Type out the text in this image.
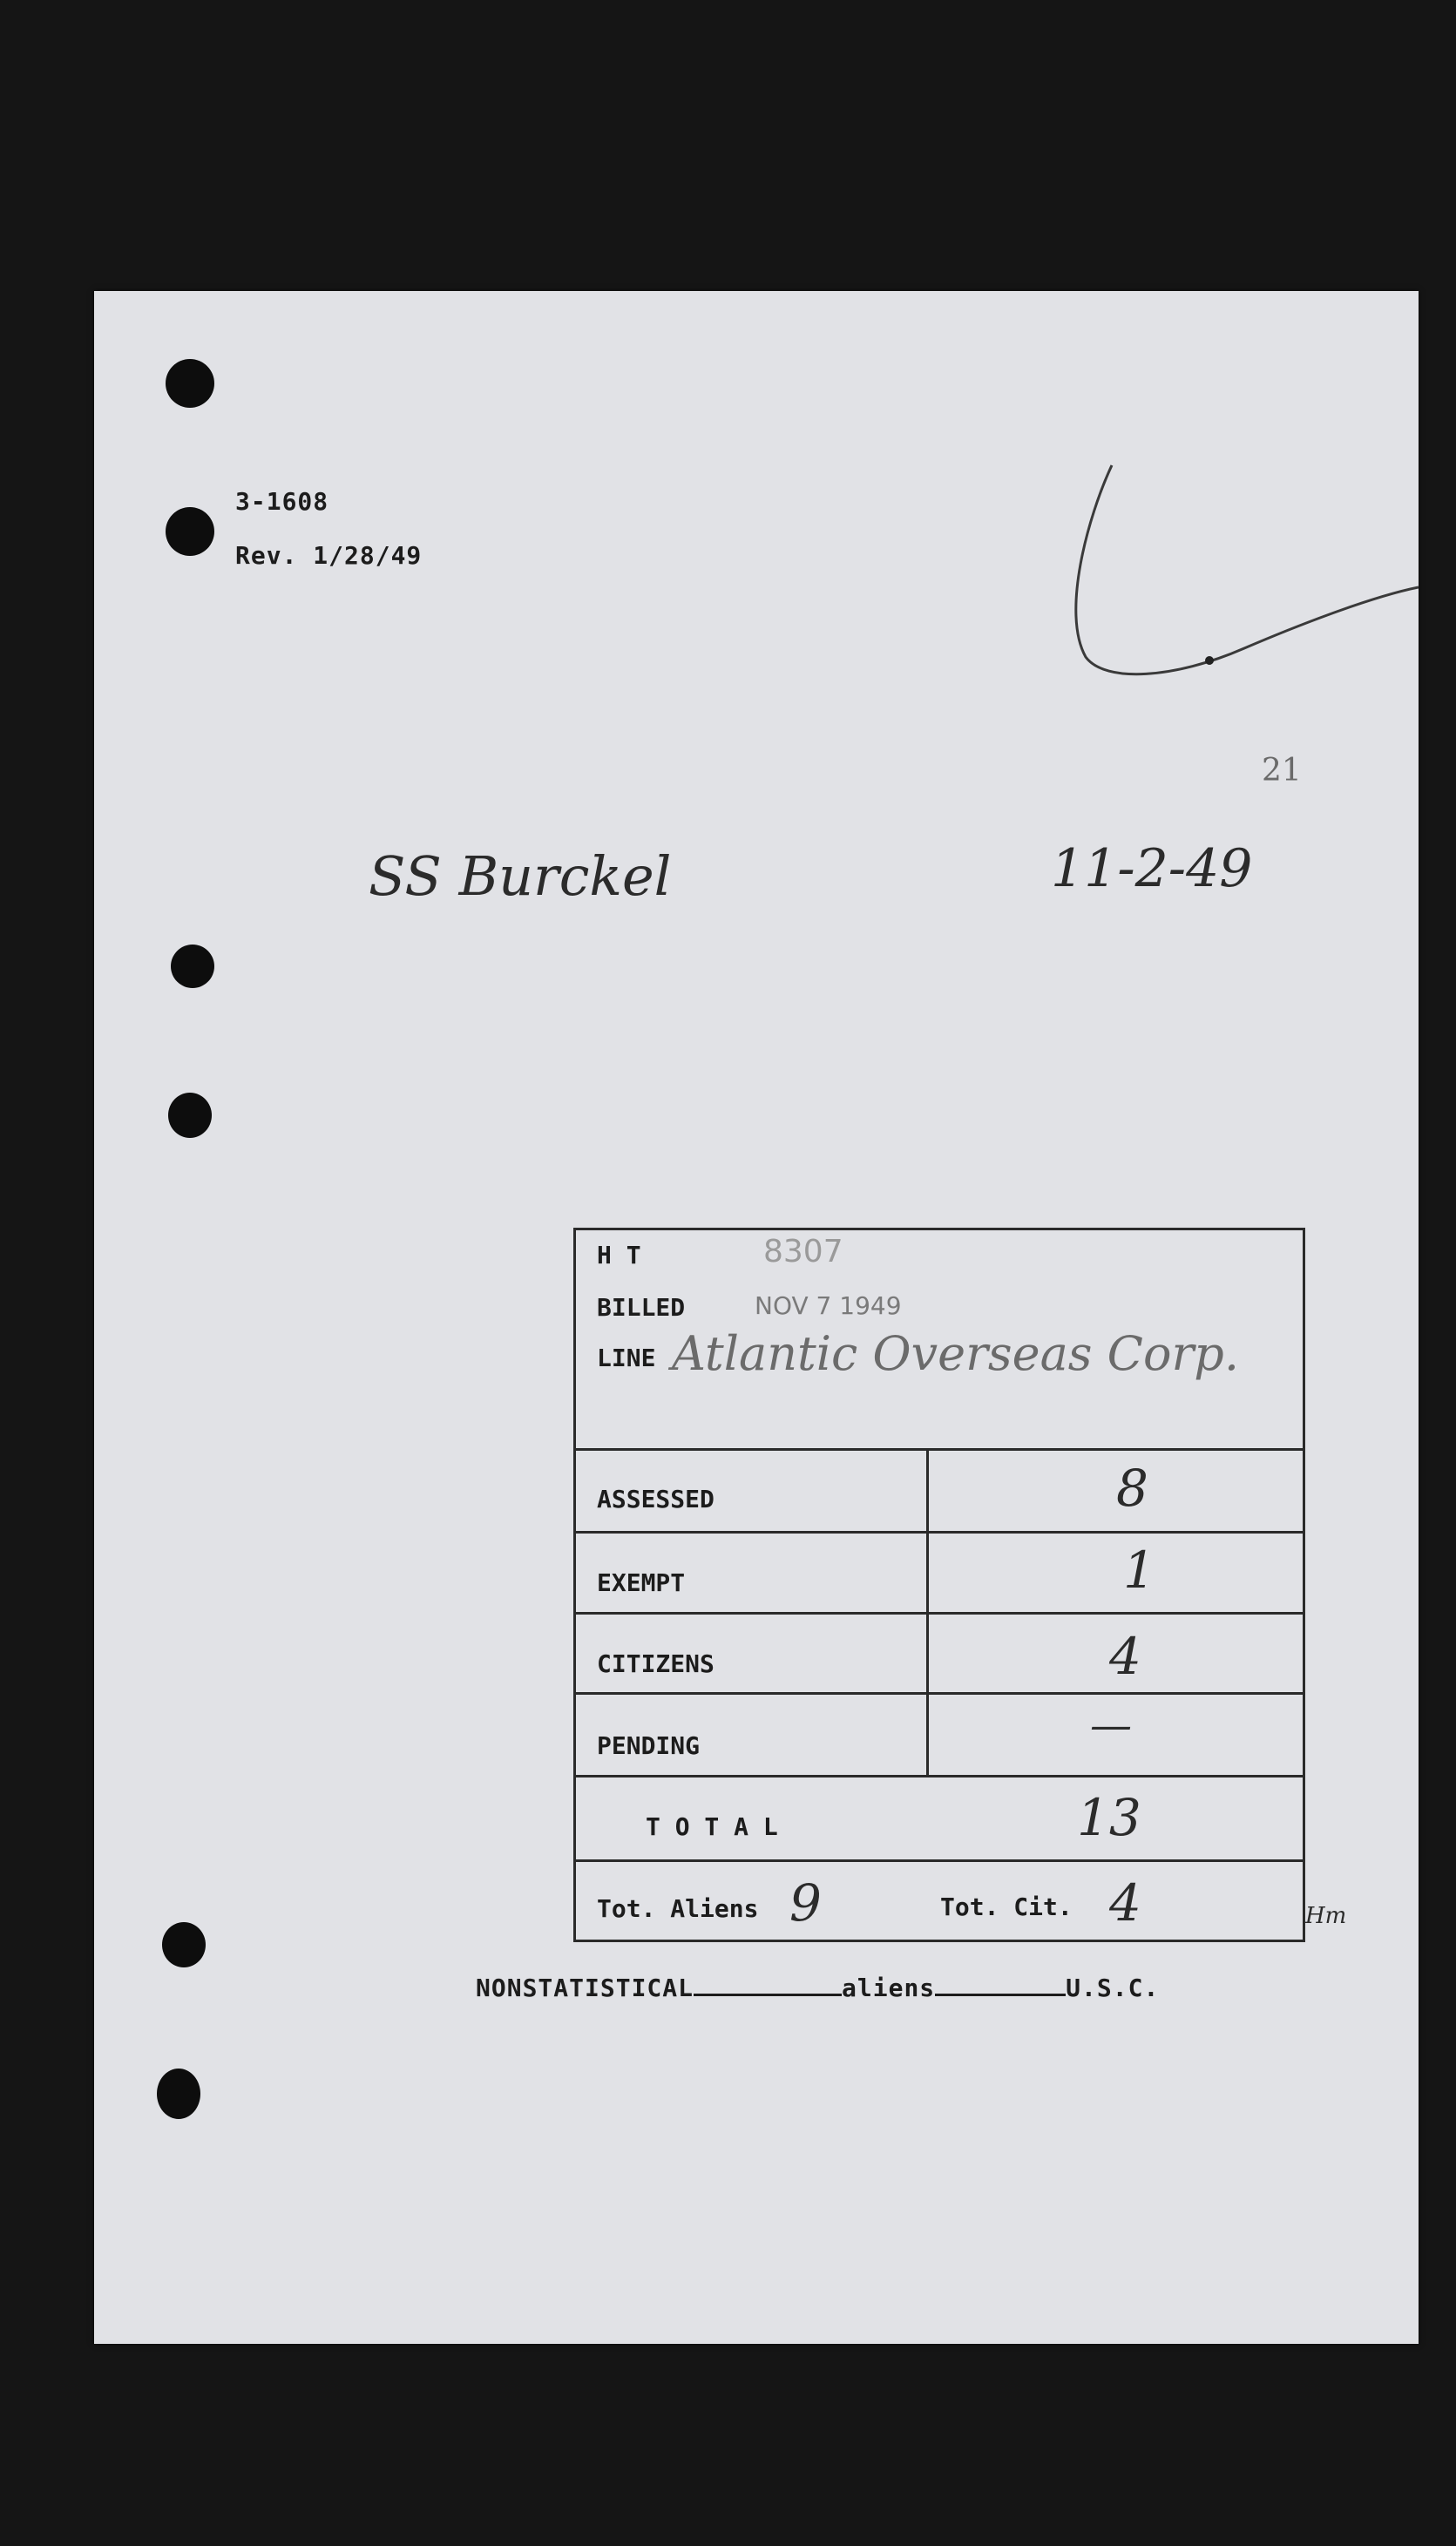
3-1608
Rev. 1/28/49
21
SS Burckel	11-2-49
H T	8307
BILLED	NOV 7 1949
LINE Atlantic Overseas Corp.
ASSESSED	8
EXEMPT	1
CITIZENS	4
PENDING	—
T O T A L	13
Tot. Aliens 9	Tot. Cit. 4	Hm
NONSTATISTICAL	aliens	U.S.C.
